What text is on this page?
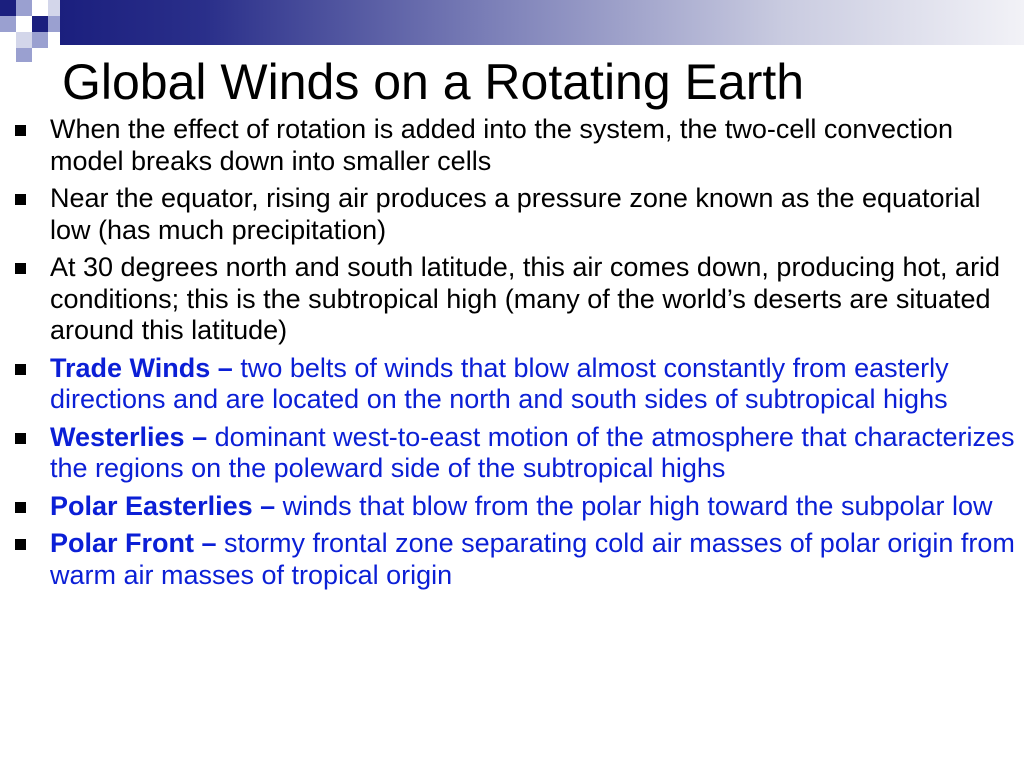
Global Winds on a Rotating Earth
When the effect of rotation is added into the system, the two-cell convection model breaks down into smaller cells
Near the equator, rising air produces a pressure zone known as the equatorial low (has much precipitation)
At 30 degrees north and south latitude, this air comes down, producing hot, arid conditions; this is the subtropical high (many of the world’s deserts are situated around this latitude)
Trade Winds – two belts of winds that blow almost constantly from easterly directions and are located on the north and south sides of subtropical highs
Westerlies – dominant west-to-east motion of the atmosphere that characterizes the regions on the poleward side of the subtropical highs
Polar Easterlies – winds that blow from the polar high toward the subpolar low
Polar Front – stormy frontal zone separating cold air masses of polar origin from warm air masses of tropical origin
